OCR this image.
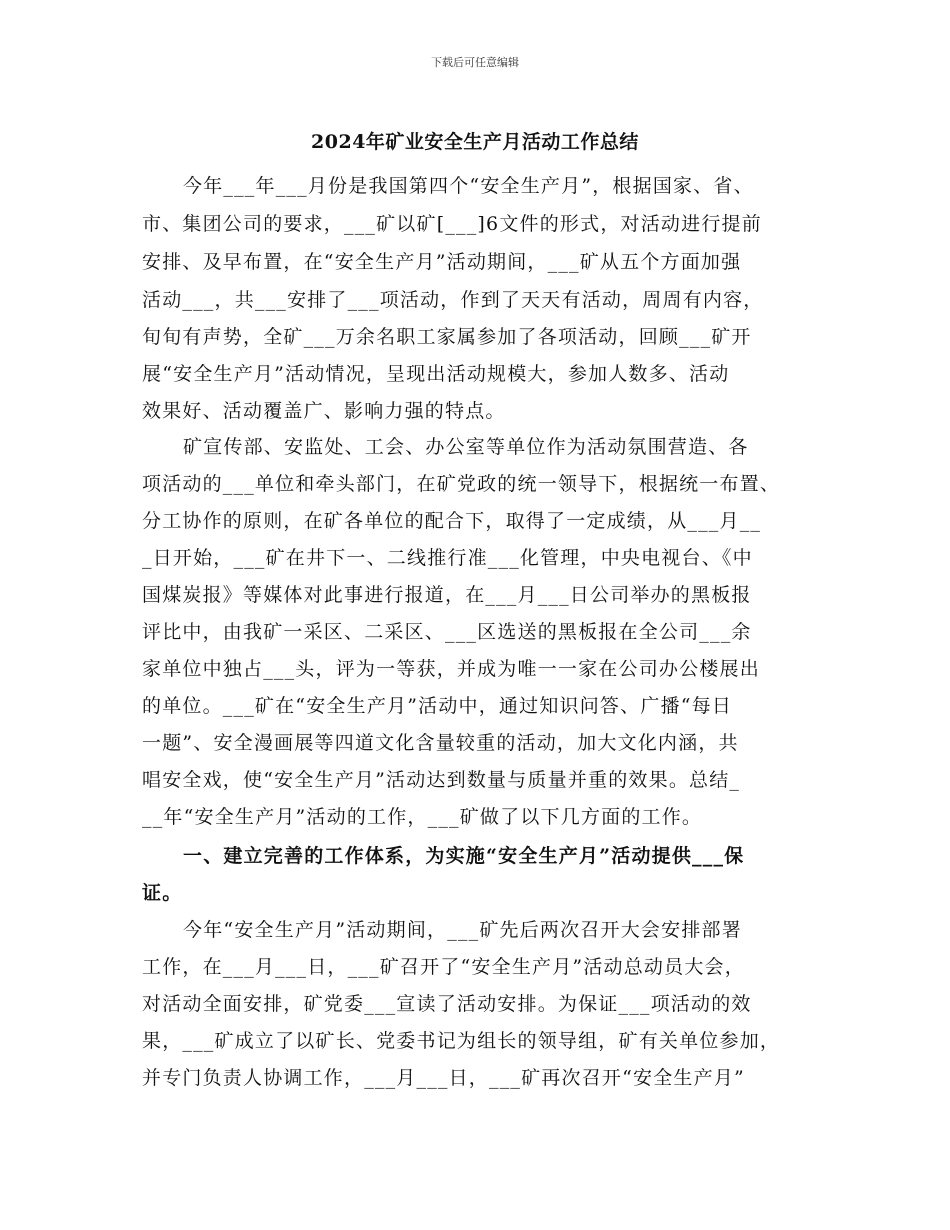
下载后可任意编辑
2024年矿业安全生产月活动工作总结
今年___年___月份是我国第四个“安全生产月”，根据国家、省、
市、集团公司的要求，___矿以矿[___]6文件的形式，对活动进行提前
安排、及早布置，在“安全生产月”活动期间，___矿从五个方面加强
活动___，共___安排了___项活动，作到了天天有活动，周周有内容，
旬旬有声势，全矿___万余名职工家属参加了各项活动，回顾___矿开
展“安全生产月”活动情况，呈现出活动规模大，参加人数多、活动
效果好、活动覆盖广、影响力强的特点。
矿宣传部、安监处、工会、办公室等单位作为活动氛围营造、各
项活动的___单位和牵头部门，在矿党政的统一领导下，根据统一布置、
分工协作的原则，在矿各单位的配合下，取得了一定成绩，从___月__
_日开始，___矿在井下一、二线推行准___化管理，中央电视台、《中
国煤炭报》等媒体对此事进行报道，在___月___日公司举办的黑板报
评比中，由我矿一采区、二采区、___区选送的黑板报在全公司___余
家单位中独占___头，评为一等获，并成为唯一一家在公司办公楼展出
的单位。___矿在“安全生产月”活动中，通过知识问答、广播“每日
一题”、安全漫画展等四道文化含量较重的活动，加大文化内涵，共
唱安全戏，使“安全生产月”活动达到数量与质量并重的效果。总结_
__年“安全生产月”活动的工作，___矿做了以下几方面的工作。
一、建立完善的工作体系，为实施“安全生产月”活动提供___保
证。
今年“安全生产月”活动期间，___矿先后两次召开大会安排部署
工作，在___月___日，___矿召开了“安全生产月”活动总动员大会，
对活动全面安排，矿党委___宣读了活动安排。为保证___项活动的效
果，___矿成立了以矿长、党委书记为组长的领导组，矿有关单位参加，
并专门负责人协调工作，___月___日，___矿再次召开“安全生产月”
